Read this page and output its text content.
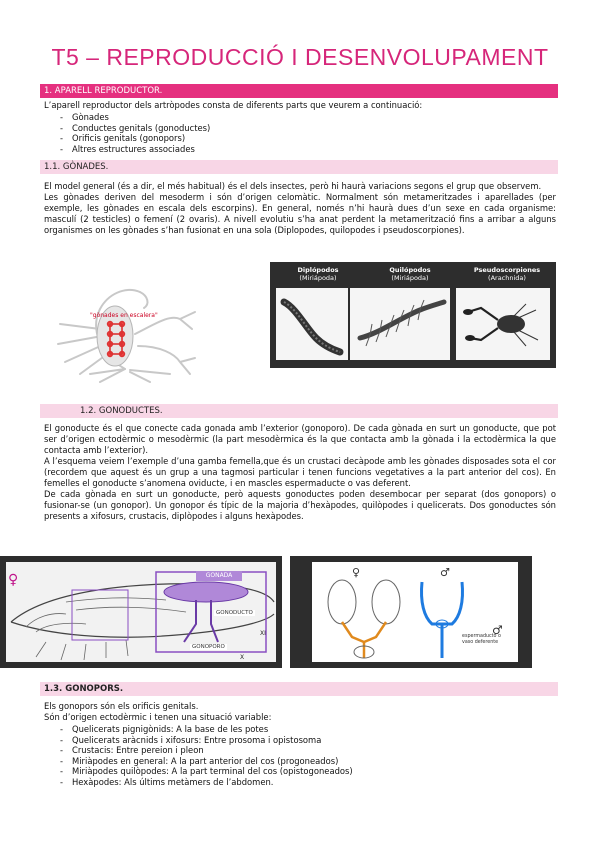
T5 – REPRODUCCIÓ I DESENVOLUPAMENT
1. APARELL REPRODUCTOR.
L’aparell reproductor dels artròpodes consta de diferents parts que veurem a continuació:
- Gònades
- Conductes genitals (gonoductes)
- Orificis genitals (gonopors)
- Altres estructures associades
1.1. GÒNADES.

El model general (és a dir, el més habitual) és el dels insectes, però hi haurà variacions segons el grup que observem.

Les gònades deriven del mesoderm i són d’origen celomàtic. Normalment són metameritzades i aparellades (per exemple, les gònades en escala dels escorpins). En general, només n’hi haurà dues d’un sexe en cada organisme: masculí (2 testicles) o femení (2 ovaris). A nivell evolutiu s’ha anat perdent la metamerització fins a arribar a alguns organismes on les gònades s’han fusionat en una sola (Diplopodes, quilopodes i pseudoscorpiones).

"gònades en escalera"
Diplópodos
(Miriápoda)
Quilópodos
(Miriápoda)
Pseudoscorpiones
(Arachnida)
1.2. GONODUCTES.

El gonoducte és el que conecte cada gonada amb l’exterior (gonoporo). De cada gònada en surt un gonoducte, que pot ser d’origen ectodèrmic o mesodèrmic (la part mesodèrmica és la que contacta amb la gònada i la ectodèrmica la que contacta amb l’exterior).

A l’esquema veiem l’exemple d’una gamba femella,que és un crustaci decàpode amb les gònades disposades sota el cor (recordem que aquest és un grup a una tagmosi particular i tenen funcions vegetatives a la part anterior del cos). En femelles el gonoducte s’anomena oviducte, i en mascles espermaducte o vas deferent.

De cada gònada en surt un gonoducte, però aquests gonoductes poden desembocar per separat (dos gonopors) o fusionar-se (un gonopor). Un gonopor és típic de la majoria d’hexàpodes, quilòpodes i quelicerats. Dos gonoductes són presents a xifosurs, crustacis, diplòpodes i alguns hexàpodes.

♀	GONADA
GONODUCTO
GONOPORO
XI
X
♀	♂
♂
espermaducto o vaso deferente
1.3. GONOPORS.

Els gonopors són els orificis genitals.

Són d’origen ectodèrmic i tenen una situació variable:

- Quelicerats pignigònids: A la base de les potes
- Quelicerats aràcnids i xifosurs: Entre prosoma i opistosoma
- Crustacis: Entre pereion i pleon
- Miriàpodes en general: A la part anterior del cos (progoneados)
- Miriàpodes quilòpodes: A la part terminal del cos (opistogoneados)
- Hexàpodes: Als últims metàmers de l’abdomen.
